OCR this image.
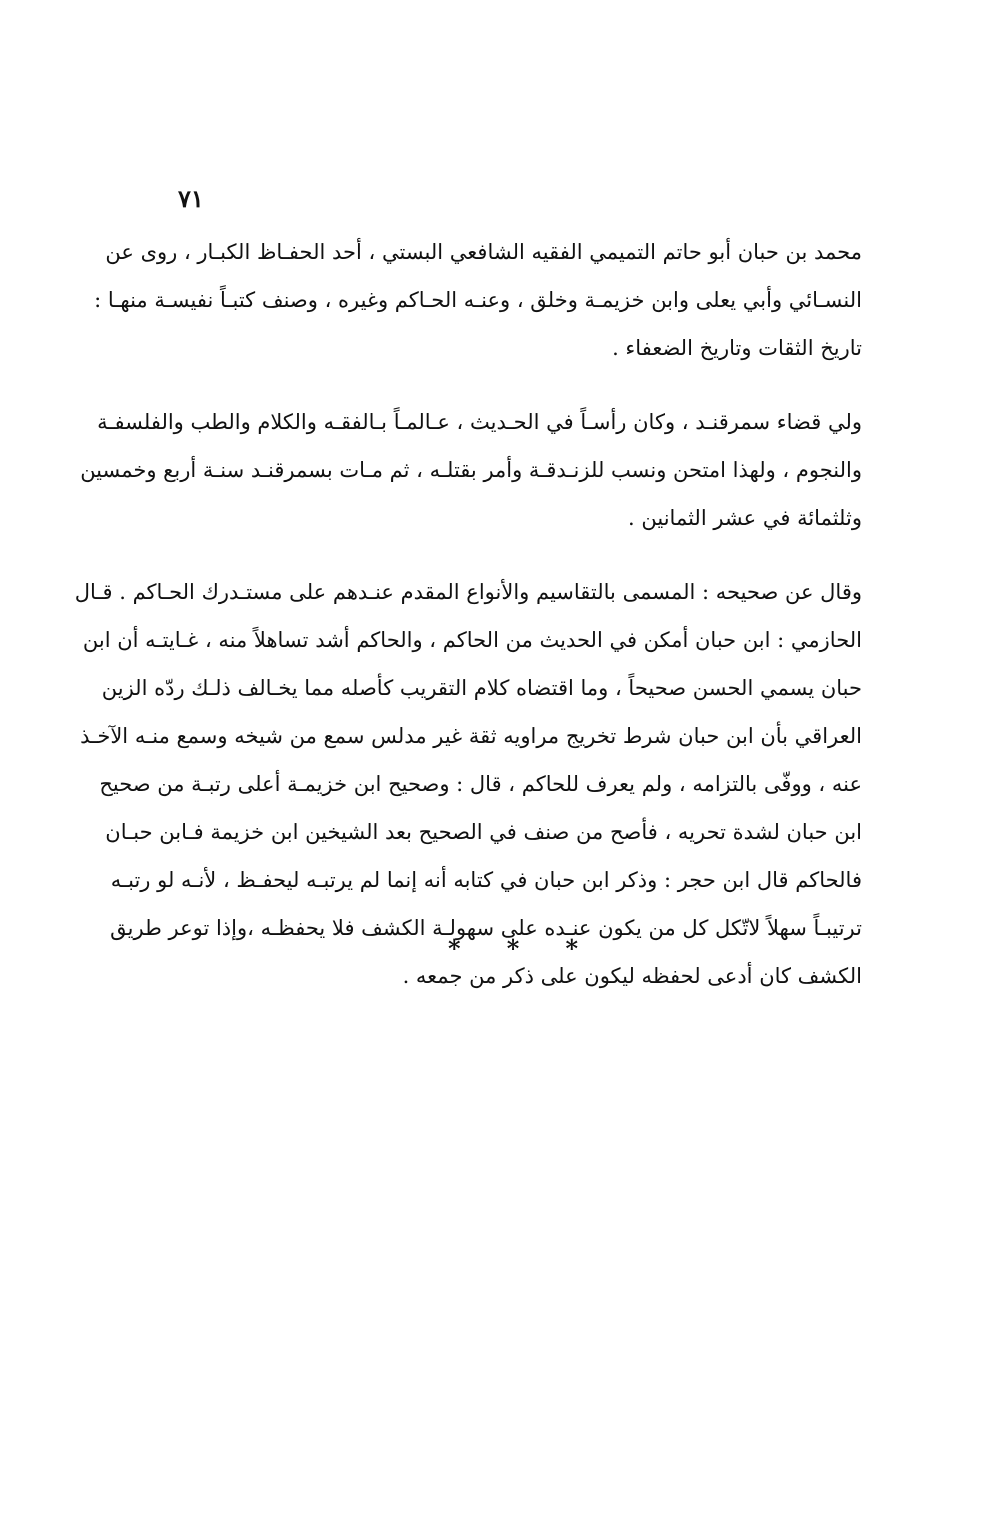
٧١
محمد بن حبان أبو حاتم التميمي الفقيه الشافعي البستي ، أحد الحفـاظ الكبـار ، روى عن
النسـائي وأبي يعلى وابن خزيمـة وخلق ، وعنـه الحـاكم وغيره ، وصنف كتبـاً نفيسـة منهـا :
تاريخ الثقات وتاريخ الضعفاء .
ولي قضاء سمرقنـد ، وكان رأسـاً في الحـديث ، عـالمـاً بـالفقـه والكلام والطب والفلسفـة
والنجوم ، ولهذا امتحن ونسب للزنـدقـة وأمر بقتلـه ، ثم مـات بسمرقنـد سنـة أربع وخمسين
وثلثمائة في عشر الثمانين .
وقال عن صحيحه : المسمى بالتقاسيم والأنواع المقدم عنـدهم على مستـدرك الحـاكم . قـال
الحازمي : ابن حبان أمكن في الحديث من الحاكم ، والحاكم أشد تساهلاً منه ، غـايتـه أن ابن
حبان يسمي الحسن صحيحاً ، وما اقتضاه كلام التقريب كأصله مما يخـالف ذلـك ردّه الزين
العراقي بأن ابن حبان شرط تخريج مراويه ثقة غير مدلس سمع من شيخه وسمع منـه الآخـذ
عنه ، ووفّى بالتزامه ، ولم يعرف للحاكم ، قال : وصحيح ابن خزيمـة أعلى رتبـة من صحيح
ابن حبان لشدة تحريه ، فأصح من صنف في الصحيح بعد الشيخين ابن خزيمة فـابن حبـان
فالحاكم قال ابن حجر : وذكر ابن حبان في كتابه أنه إنما لم يرتبـه ليحفـظ ، لأنـه لو رتبـه
ترتيبـاً سهلاً لاتّكل كل من يكون عنـده على سهولـة الكشف فلا يحفظـه ،وإذا توعر طريق
الكشف كان أدعى لحفظه ليكون على ذكر من جمعه .
* * *
